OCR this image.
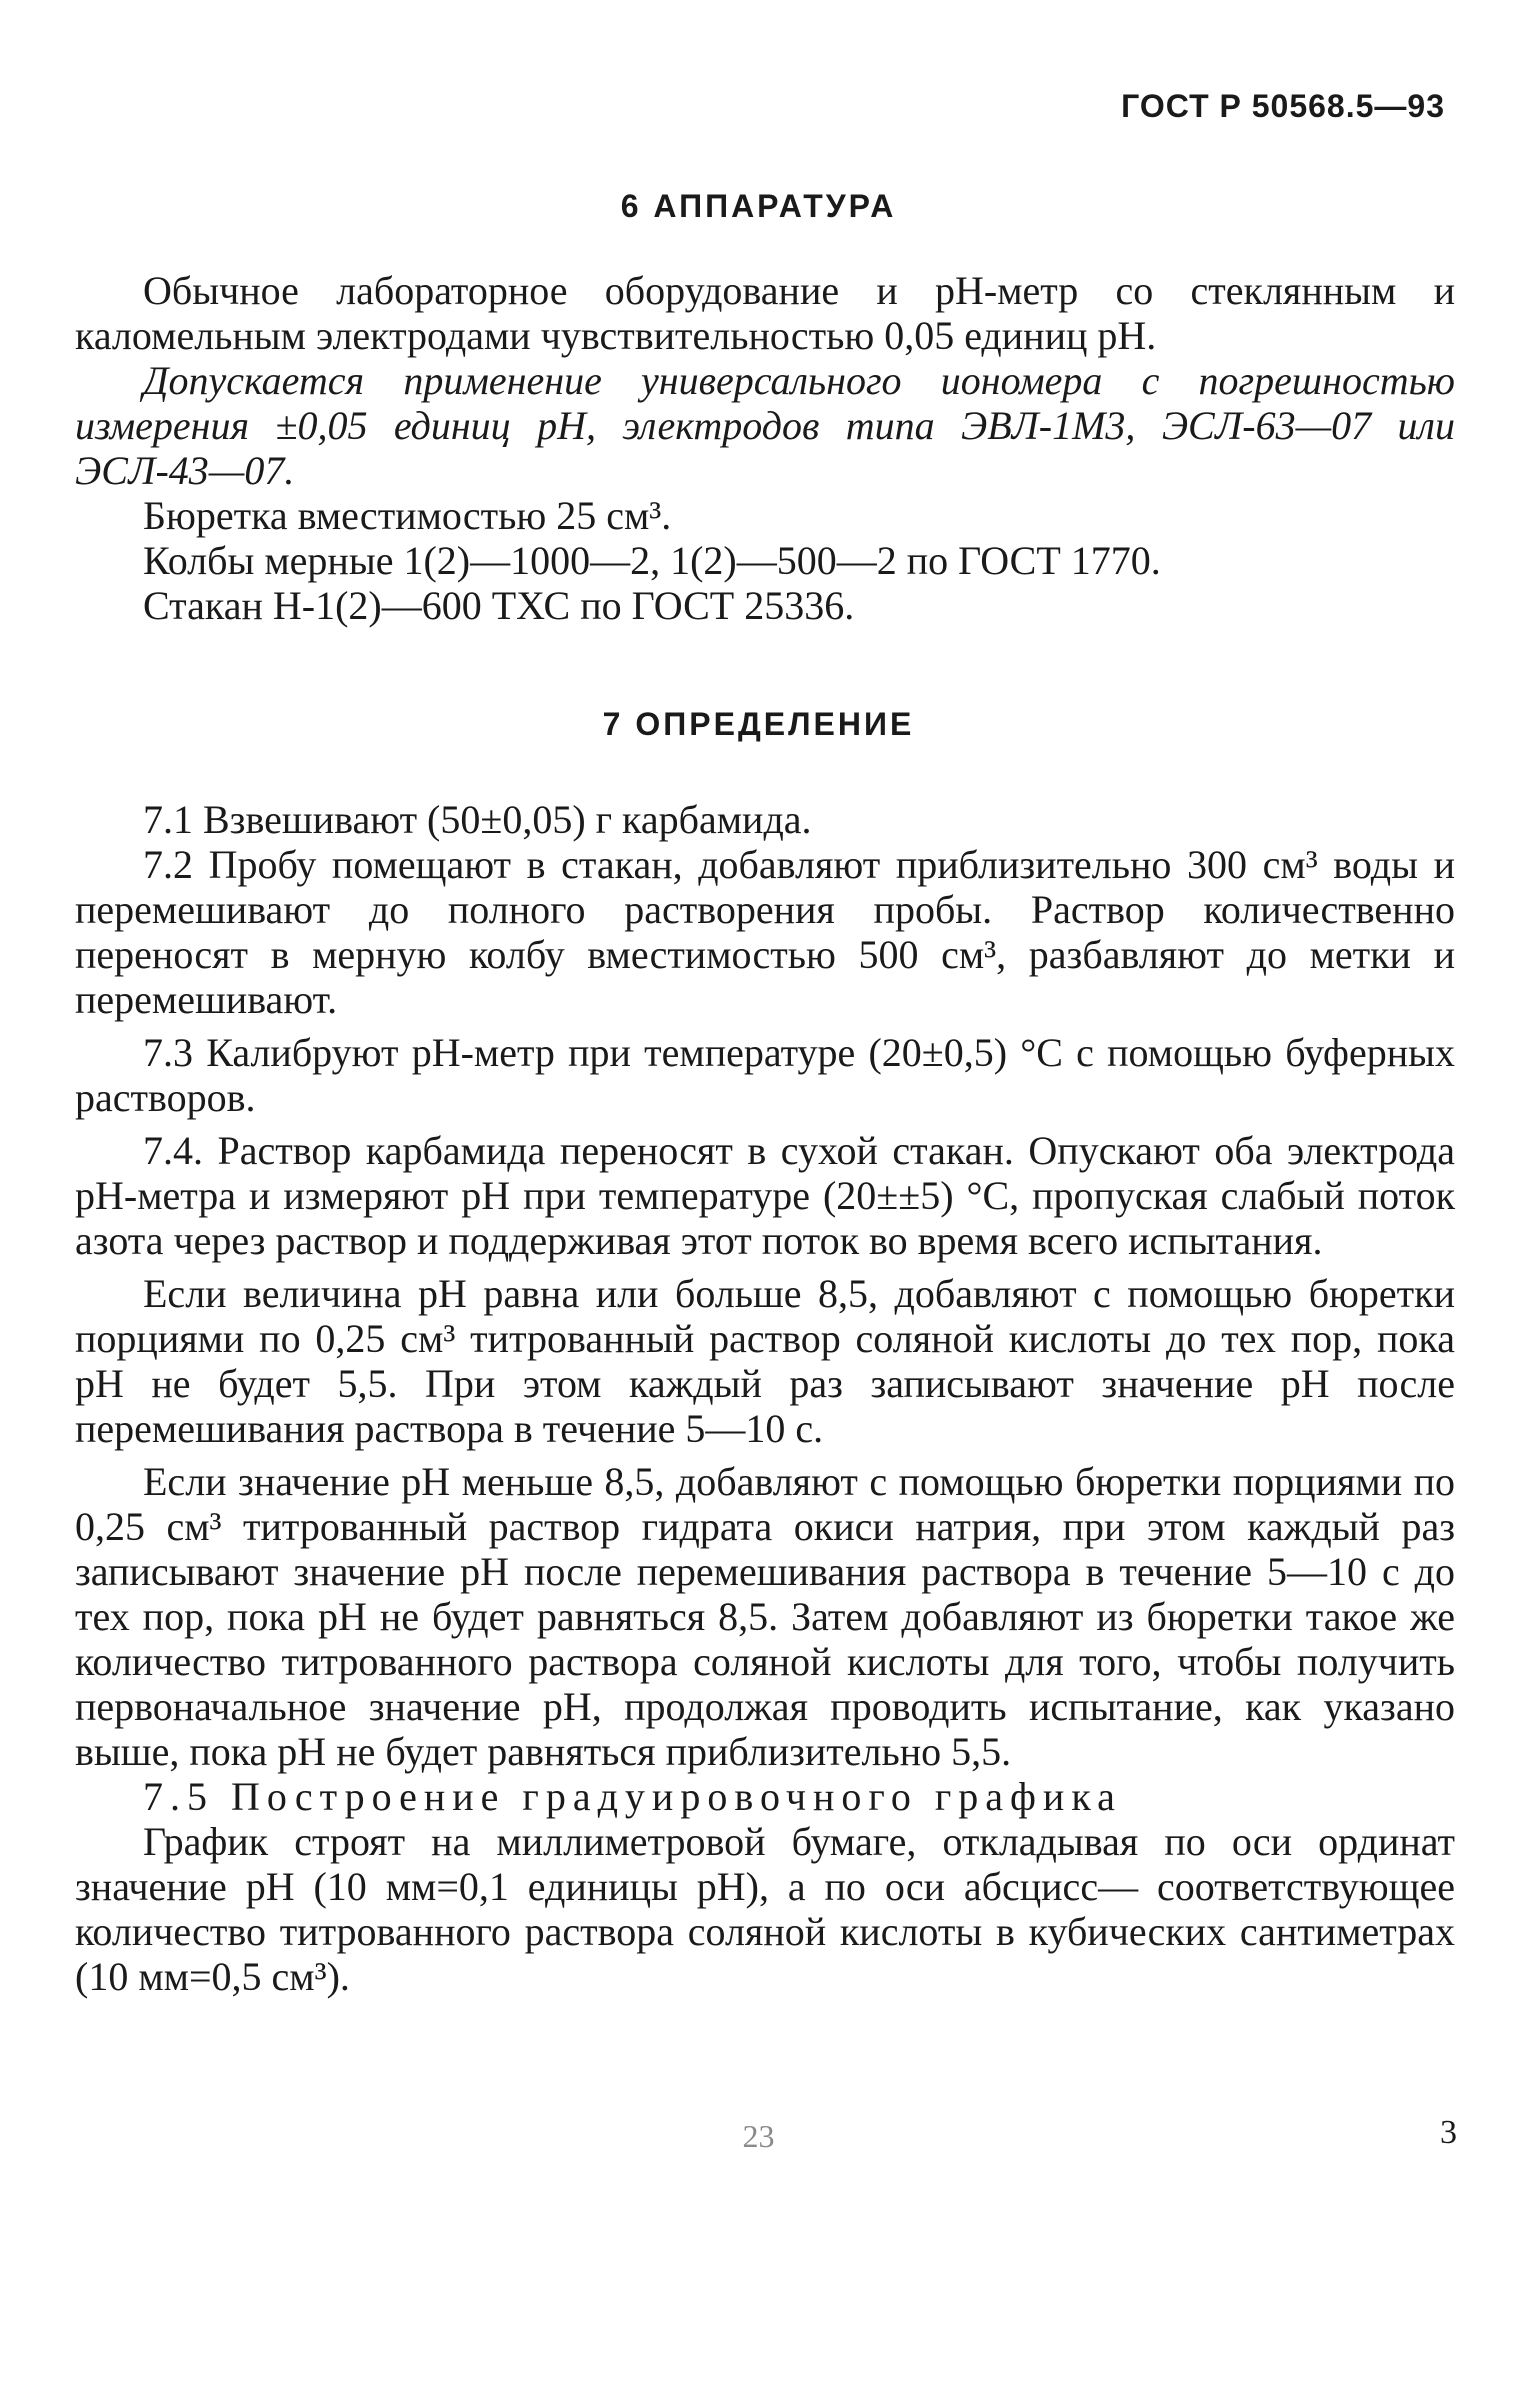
ГОСТ Р 50568.5—93
6 АППАРАТУРА

Обычное лабораторное оборудование и рН-метр со стеклянным и каломельным электродами чувствительностью 0,05 единиц рН.

Допускается применение универсального иономера с погрешностью измерения ±0,05 единиц рН, электродов типа ЭВЛ-1М3, ЭСЛ-63—07 или ЭСЛ-43—07.

Бюретка вместимостью 25 см³.

Колбы мерные 1(2)—1000—2, 1(2)—500—2 по ГОСТ 1770.

Стакан Н-1(2)—600 ТХС по ГОСТ 25336.

7 ОПРЕДЕЛЕНИЕ

7.1 Взвешивают (50±0,05) г карбамида.

7.2 Пробу помещают в стакан, добавляют приблизительно 300 см³ воды и перемешивают до полного растворения пробы. Раствор количественно переносят в мерную колбу вместимостью 500 см³, разбавляют до метки и перемешивают.

7.3 Калибруют рН-метр при температуре (20±0,5) °С с помощью буферных растворов.

7.4. Раствор карбамида переносят в сухой стакан. Опускают оба электрода рН-метра и измеряют рН при температуре (20±±5) °С, пропуская слабый поток азота через раствор и поддерживая этот поток во время всего испытания.

Если величина рН равна или больше 8,5, добавляют с помощью бюретки порциями по 0,25 см³ титрованный раствор соляной кислоты до тех пор, пока рН не будет 5,5. При этом каждый раз записывают значение рН после перемешивания раствора в течение 5—10 с.

Если значение рН меньше 8,5, добавляют с помощью бюретки порциями по 0,25 см³ титрованный раствор гидрата окиси натрия, при этом каждый раз записывают значение рН после перемешивания раствора в течение 5—10 с до тех пор, пока рН не будет равняться 8,5. Затем добавляют из бюретки такое же количество титрованного раствора соляной кислоты для того, чтобы получить первоначальное значение рН, продолжая проводить испытание, как указано выше, пока рН не будет равняться приблизительно 5,5.

7.5 Построение градуировочного графика

График строят на миллиметровой бумаге, откладывая по оси ординат значение рН (10 мм=0,1 единицы рН), а по оси абсцисс— соответствующее количество титрованного раствора соляной кислоты в кубических сантиметрах (10 мм=0,5 см³).

23	3
